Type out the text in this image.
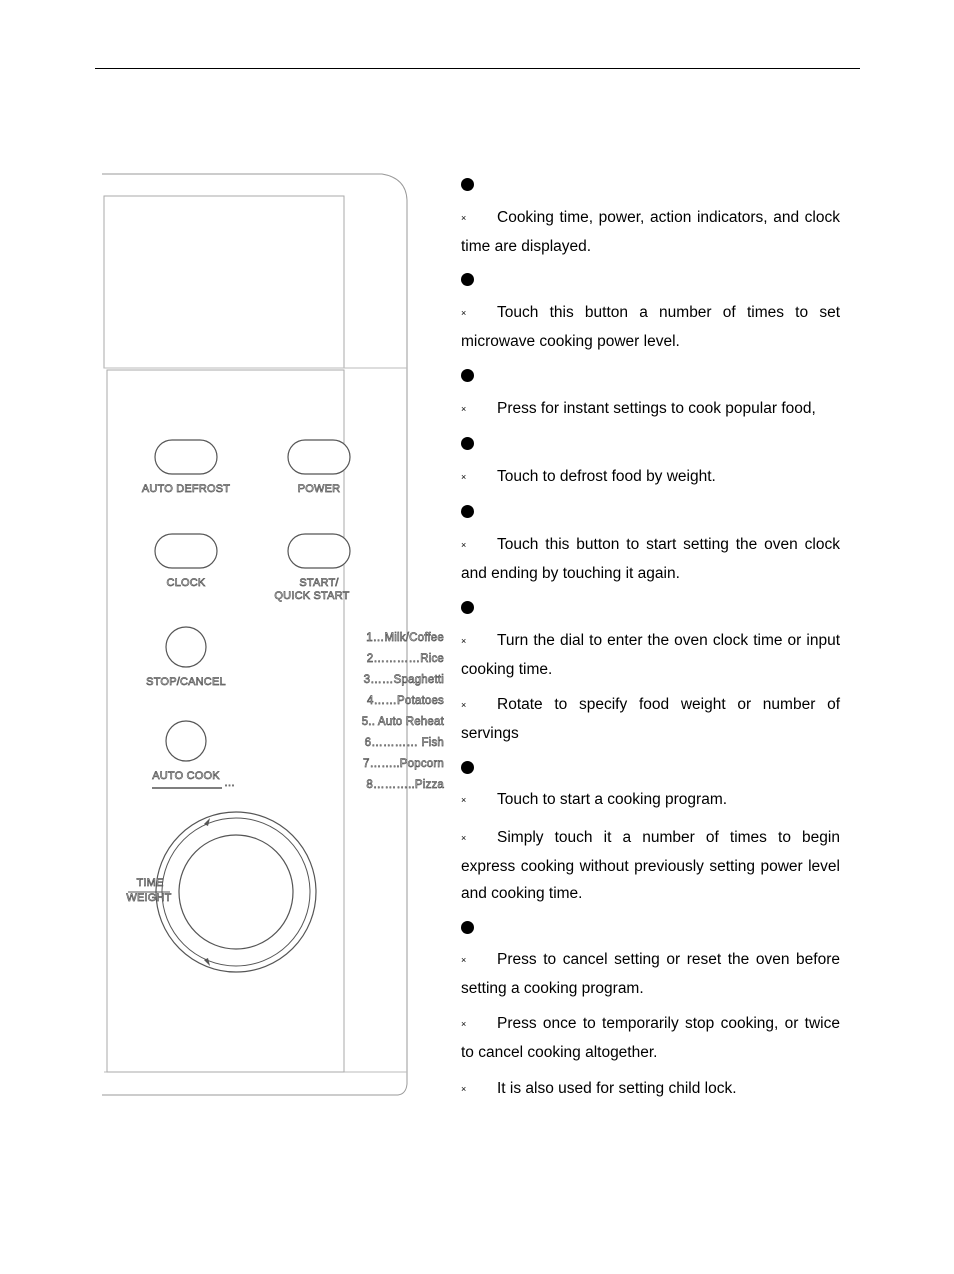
AUTO DEFROST	POWER
CLOCK	START/
QUICK START
STOP/CANCEL
AUTO COOK
…
TIME
WEIGHT
1…Milk/Coffee
2…………Rice
3……Spaghetti
4……Potatoes
5.. Auto Reheat
6………… Fish
7……..Popcorn
8………..Pizza
× Cooking time, power, action indicators, and clock time are displayed.
× Touch this button a number of times to set microwave cooking power level.
× Press for instant settings to cook popular food,
× Touch to defrost food by weight.
× Touch this button to start setting the oven clock and ending by touching it again.
× Turn the dial to enter the oven clock time or input cooking time.
× Rotate to specify food weight or number of servings
× Touch to start a cooking program.
× Simply touch it a number of times to begin express cooking without previously setting power level and cooking time.
× Press to cancel setting or reset the oven before setting a cooking program.
× Press once to temporarily stop cooking, or twice to cancel cooking altogether.
× It is also used for setting child lock.
